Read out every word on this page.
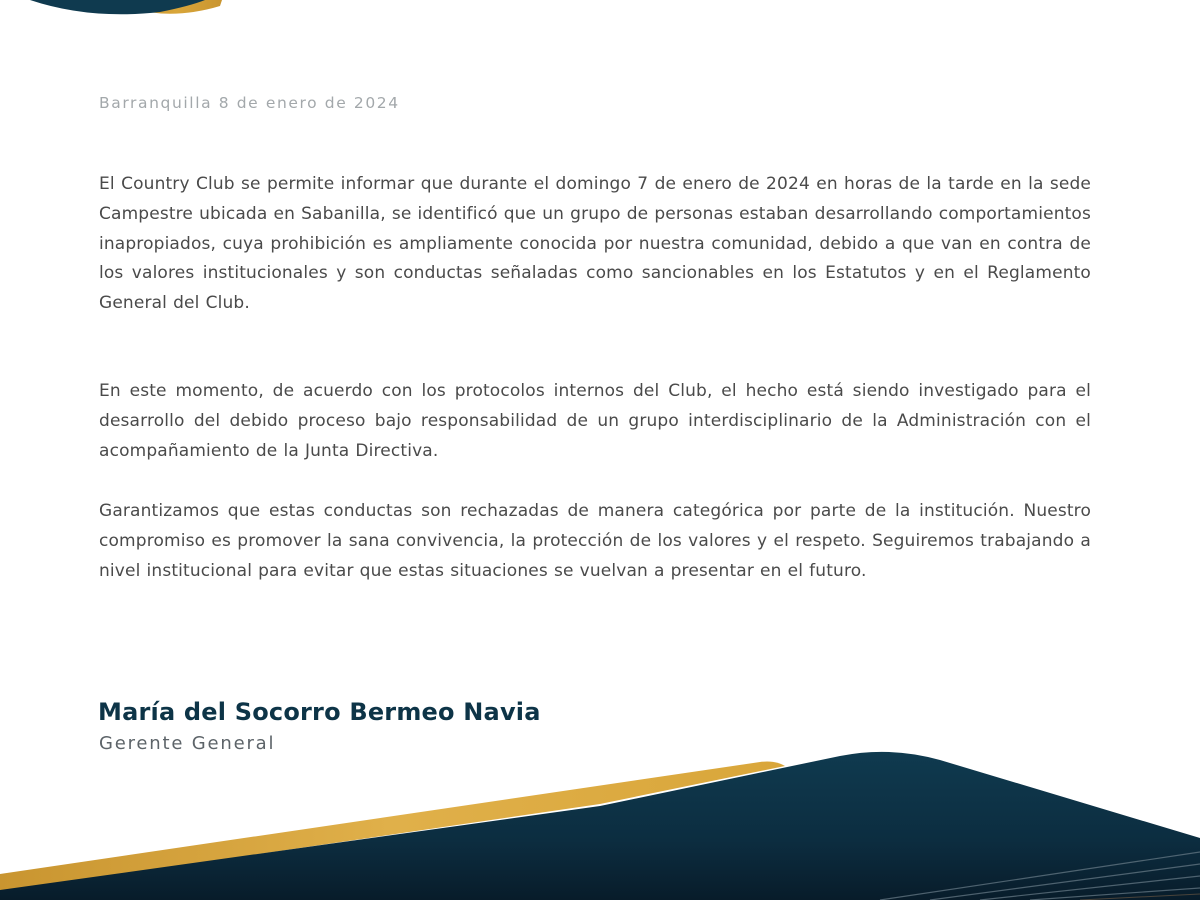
Barranquilla 8 de enero de 2024

El Country Club se permite informar que durante el domingo 7 de enero de 2024 en horas de la tarde en la sede Campestre ubicada en Sabanilla, se identificó que un grupo de personas estaban desarrollando comportamientos inapropiados, cuya prohibición es ampliamente conocida por nuestra comunidad, debido a que van en contra de los valores institucionales y son conductas señaladas como sancionables en los Estatutos y en el Reglamento General del Club.

En este momento, de acuerdo con los protocolos internos del Club, el hecho está siendo investigado para el desarrollo del debido proceso bajo responsabilidad de un grupo interdisciplinario de la Administración con el acompañamiento de la Junta Directiva.

Garantizamos que estas conductas son rechazadas de manera categórica por parte de la institución. Nuestro compromiso es promover la sana convivencia, la protección de los valores y el respeto. Seguiremos trabajando a nivel institucional para evitar que estas situaciones se vuelvan a presentar en el futuro.

María del Socorro Bermeo Navia
Gerente General
